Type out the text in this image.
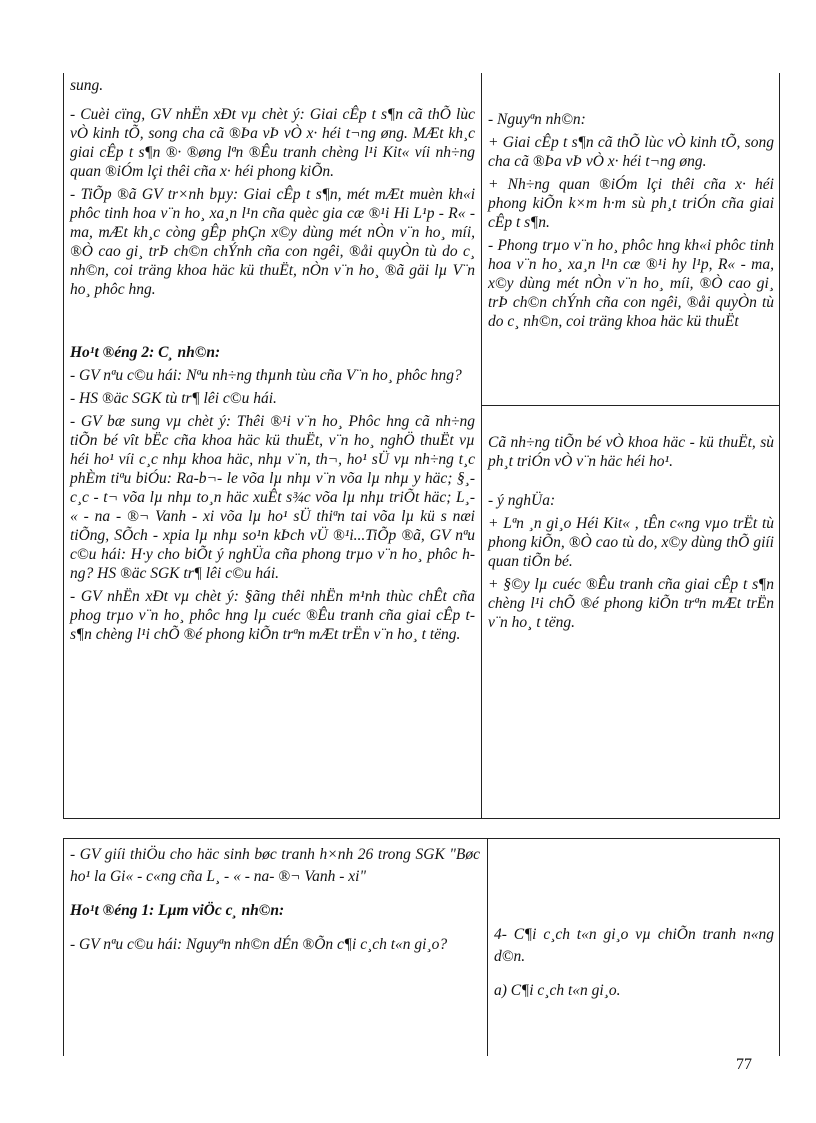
sung.

- Cuèi cïng, GV nhËn xÐt vµ chèt ý: Giai cÊp t s¶n cã thÕ lùc vÒ kinh tÕ, song cha cã ®Þa vÞ vÒ x· héi t¬ng øng. MÆt kh¸c giai cÊp t s¶n ®· ®øng lªn ®Êu tranh chèng l¹i Kit« víi nh÷ng quan ®iÓm lçi thêi cña x· héi phong kiÕn.

- TiÕp ®ã GV tr×nh bµy: Giai cÊp t s¶n, mét mÆt muèn kh«i phôc tinh hoa v¨n ho¸ xa¸n l¹n cña quèc gia cæ ®¹i Hi L¹p - R« - ma, mÆt kh¸c còng gÊp phÇn x©y dùng mét nÒn v¨n ho¸ míi, ®Ò cao gi¸ trÞ ch©n chÝnh cña con ngêi, ®åi quyÒn tù do c¸ nh©n, coi träng khoa häc kü thuËt, nÒn v¨n ho¸ ®ã gäi lµ V¨n ho¸ phôc hng.

Ho¹t ®éng 2: C¸ nh©n:

- GV nªu c©u hái: Nªu nh÷ng thµnh tùu cña V¨n ho¸ phôc hng?

- HS ®äc SGK tù tr¶ lêi c©u hái.

- GV bæ sung vµ chèt ý: Thêi ®¹i v¨n ho¸ Phôc hng cã nh÷ng tiÕn bé vît bËc cña khoa häc kü thuËt, v¨n ho¸ nghÖ thuËt vµ héi ho¹ víi c¸c nhµ khoa häc, nhµ v¨n, th¬, ho¹ sÜ vµ nh÷ng t¸c phÈm tiªu biÓu: Ra-b¬- le võa lµ nhµ v¨n võa lµ nhµ y häc; §¸- c¸c - t¬ võa lµ nhµ to¸n häc xuÊt s¾c võa lµ nhµ triÕt häc; L¸- « - na - ®¬ Vanh - xi võa lµ ho¹ sÜ thiªn tai võa lµ kü s næi tiÕng, SÕch - xpia lµ nhµ so¹n kÞch vÜ ®¹i...TiÕp ®ã, GV nªu c©u hái: H·y cho biÕt ý nghÜa cña phong trµo v¨n ho¸ phôc hng? HS ®äc SGK tr¶ lêi c©u hái.

- GV nhËn xÐt vµ chèt ý: §ãng thêi nhËn m¹nh thùc chÊt cña phog trµo v¨n ho¸ phôc hng lµ cuéc ®Êu tranh cña giai cÊp t s¶n chèng l¹i chÕ ®é phong kiÕn trªn mÆt trËn v¨n ho¸ t tëng.

- Nguyªn nh©n:

+ Giai cÊp t s¶n cã thÕ lùc vÒ kinh tÕ, song cha cã ®Þa vÞ vÒ x· héi t¬ng øng.

+ Nh÷ng quan ®iÓm lçi thêi cña x· héi phong kiÕn k×m h·m sù ph¸t triÓn cña giai cÊp t s¶n.

- Phong trµo v¨n ho¸ phôc hng kh«i phôc tinh hoa v¨n ho¸ xa¸n l¹n cæ ®¹i hy l¹p, R« - ma, x©y dùng mét nÒn v¨n ho¸ míi, ®Ò cao gi¸ trÞ ch©n chÝnh cña con ngêi, ®åi quyÒn tù do c¸ nh©n, coi träng khoa häc kü thuËt

Cã nh÷ng tiÕn bé vÒ khoa häc - kü thuËt, sù ph¸t triÓn vÒ v¨n häc héi ho¹.

- ý nghÜa:

+ Lªn ¸n gi¸o Héi Kit« , tÊn c«ng vµo trËt tù phong kiÕn, ®Ò cao tù do, x©y dùng thÕ giíi quan tiÕn bé.

+ §©y lµ cuéc ®Êu tranh cña giai cÊp t s¶n chèng l¹i chÕ ®é phong kiÕn trªn mÆt trËn v¨n ho¸ t tëng.

- GV giíi thiÖu cho häc sinh bøc tranh h×nh 26 trong SGK "Bøc ho¹ la Gi« - c«ng cña L¸ - « - na- ®¬ Vanh - xi"

Ho¹t ®éng 1: Lµm viÖc c¸ nh©n:

- GV nªu c©u hái: Nguyªn nh©n dÉn ®Õn c¶i c¸ch t«n gi¸o?

4- C¶i c¸ch t«n gi¸o vµ chiÕn tranh n«ng d©n.

a) C¶i c¸ch t«n gi¸o.

77
